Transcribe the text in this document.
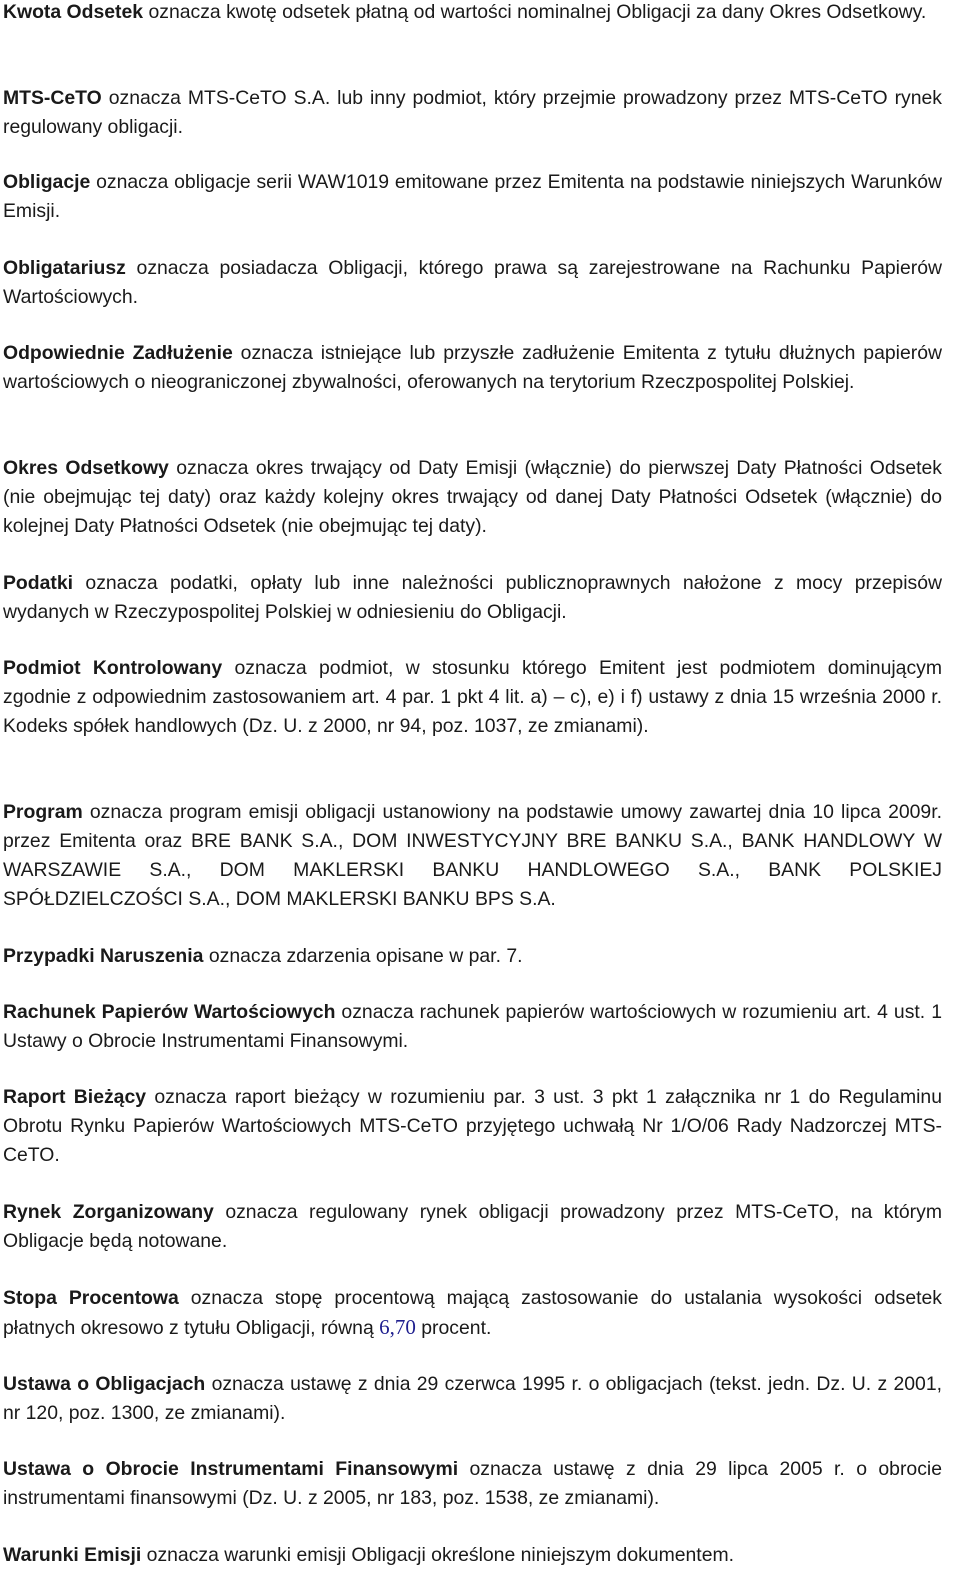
Kwota Odsetek oznacza kwotę odsetek płatną od wartości nominalnej Obligacji za dany Okres Odsetkowy.

MTS-CeTO oznacza MTS-CeTO S.A. lub inny podmiot, który przejmie prowadzony przez MTS-CeTO rynek regulowany obligacji.

Obligacje oznacza obligacje serii WAW1019 emitowane przez Emitenta na podstawie niniejszych Warunków Emisji.

Obligatariusz oznacza posiadacza Obligacji, którego prawa są zarejestrowane na Rachunku Papierów Wartościowych.

Odpowiednie Zadłużenie oznacza istniejące lub przyszłe zadłużenie Emitenta z tytułu dłużnych papierów wartościowych o nieograniczonej zbywalności, oferowanych na terytorium Rzeczpospolitej Polskiej.

Okres Odsetkowy oznacza okres trwający od Daty Emisji (włącznie) do pierwszej Daty Płatności Odsetek (nie obejmując tej daty) oraz każdy kolejny okres trwający od danej Daty Płatności Odsetek (włącznie) do kolejnej Daty Płatności Odsetek (nie obejmując tej daty).

Podatki oznacza podatki, opłaty lub inne należności publicznoprawnych nałożone z mocy przepisów wydanych w Rzeczypospolitej Polskiej w odniesieniu do Obligacji.

Podmiot Kontrolowany oznacza podmiot, w stosunku którego Emitent jest podmiotem dominującym zgodnie z odpowiednim zastosowaniem art. 4 par. 1 pkt 4 lit. a) – c), e) i f) ustawy z dnia 15 września 2000 r. Kodeks spółek handlowych (Dz. U. z 2000, nr 94, poz. 1037, ze zmianami).

Program oznacza program emisji obligacji ustanowiony na podstawie umowy zawartej dnia 10 lipca 2009r. przez Emitenta oraz BRE BANK S.A., DOM INWESTYCYJNY BRE BANKU S.A., BANK HANDLOWY W WARSZAWIE S.A., DOM MAKLERSKI BANKU HANDLOWEGO S.A., BANK POLSKIEJ SPÓŁDZIELCZOŚCI S.A., DOM MAKLERSKI BANKU BPS S.A.

Przypadki Naruszenia oznacza zdarzenia opisane w par. 7.

Rachunek Papierów Wartościowych oznacza rachunek papierów wartościowych w rozumieniu art. 4 ust. 1 Ustawy o Obrocie Instrumentami Finansowymi.

Raport Bieżący oznacza raport bieżący w rozumieniu par. 3 ust. 3 pkt 1 załącznika nr 1 do Regulaminu Obrotu Rynku Papierów Wartościowych MTS-CeTO przyjętego uchwałą Nr 1/O/06 Rady Nadzorczej MTS-CeTO.

Rynek Zorganizowany oznacza regulowany rynek obligacji prowadzony przez MTS-CeTO, na którym Obligacje będą notowane.

Stopa Procentowa oznacza stopę procentową mającą zastosowanie do ustalania wysokości odsetek płatnych okresowo z tytułu Obligacji, równą 6,70 procent.

Ustawa o Obligacjach oznacza ustawę z dnia 29 czerwca 1995 r. o obligacjach (tekst. jedn. Dz. U. z 2001, nr 120, poz. 1300, ze zmianami).

Ustawa o Obrocie Instrumentami Finansowymi oznacza ustawę z dnia 29 lipca 2005 r. o obrocie instrumentami finansowymi (Dz. U. z 2005, nr 183, poz. 1538, ze zmianami).

Warunki Emisji oznacza warunki emisji Obligacji określone niniejszym dokumentem.
